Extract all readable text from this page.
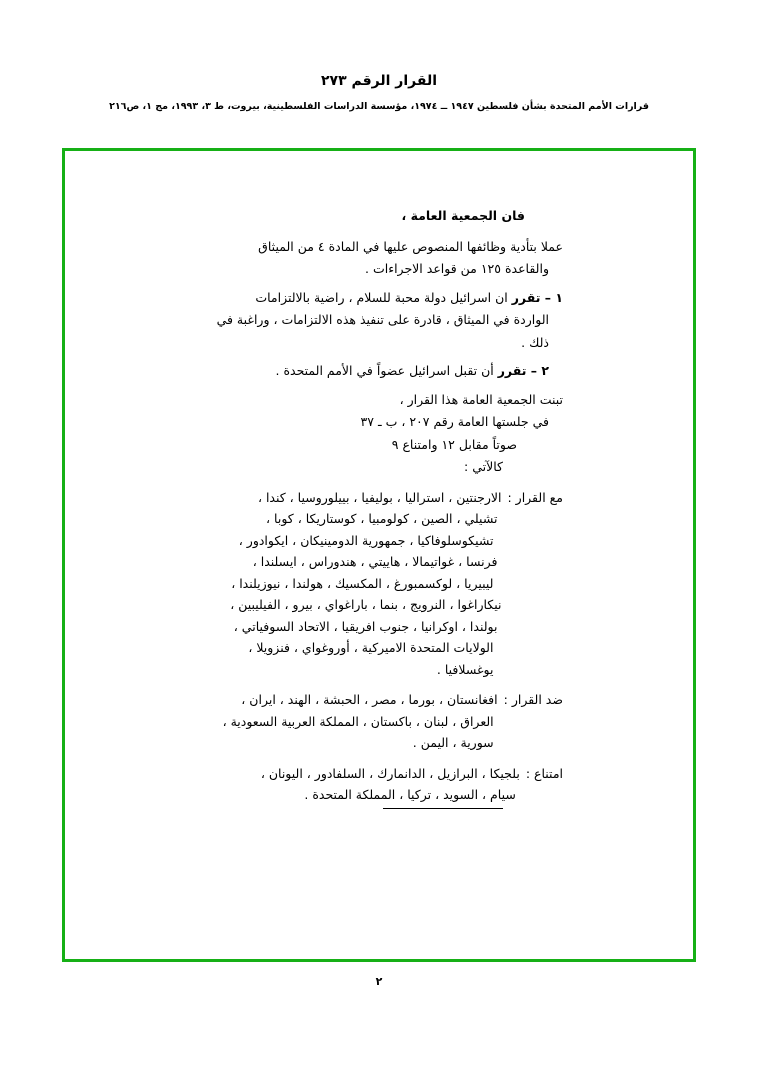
القرار الرقم ٢٧٣
قرارات الأمم المتحدة بشأن فلسطين ١٩٤٧ ــ ١٩٧٤، مؤسسة الدراسات الفلسطينية، بيروت، ط ٣، ١٩٩٣، مج ١، ص٢١٦
فان الجمعية العامة ،

عملا بتأدية وظائفها المنصوص عليها في المادة ٤ من الميثاق

والقاعدة ١٢٥ من قواعد الاجراءات .

١ – تقرر ان اسرائيل دولة محبة للسلام ، راضية بالالتزامات

الواردة في الميثاق ، قادرة على تنفيذ هذه الالتزامات ، وراغبة في

ذلك .

٢ – تقرر أن تقبل اسرائيل عضواً في الأمم المتحدة .

تبنت الجمعية العامة هذا القرار ،

في جلستها العامة رقم ٢٠٧ ، ب ـ ٣٧

صوتاً مقابل ١٢ وامتناع ٩

كالآتي :

مع القرار :
الارجنتين ، استراليا ، بوليفيا ، بييلوروسيا ، كندا ،
تشيلي ، الصين ، كولومبيا ، كوستاريكا ، كوبا ،
تشيكوسلوفاكيا ، جمهورية الدومينيكان ، ايكوادور ،
فرنسا ، غواتيمالا ، هاييتي ، هندوراس ، ايسلندا ،
ليبيريا ، لوكسمبورغ ، المكسيك ، هولندا ، نيوزيلندا ،
نيكاراغوا ، النرويج ، بنما ، باراغواي ، بيرو ، الفيليبين ،
بولندا ، اوكرانيا ، جنوب افريقيا ، الاتحاد السوفياتي ،
الولايات المتحدة الاميركية ، أوروغواي ، فنزويلا ،
يوغسلافيا .
ضد القرار :
افغانستان ، بورما ، مصر ، الحبشة ، الهند ، ايران ،
العراق ، لبنان ، باكستان ، المملكة العربية السعودية ،
سورية ، اليمن .
امتناع :
بلجيكا ، البرازيل ، الدانمارك ، السلفادور ، اليونان ،
سيام ، السويد ، تركيا ، المملكة المتحدة .
٢
